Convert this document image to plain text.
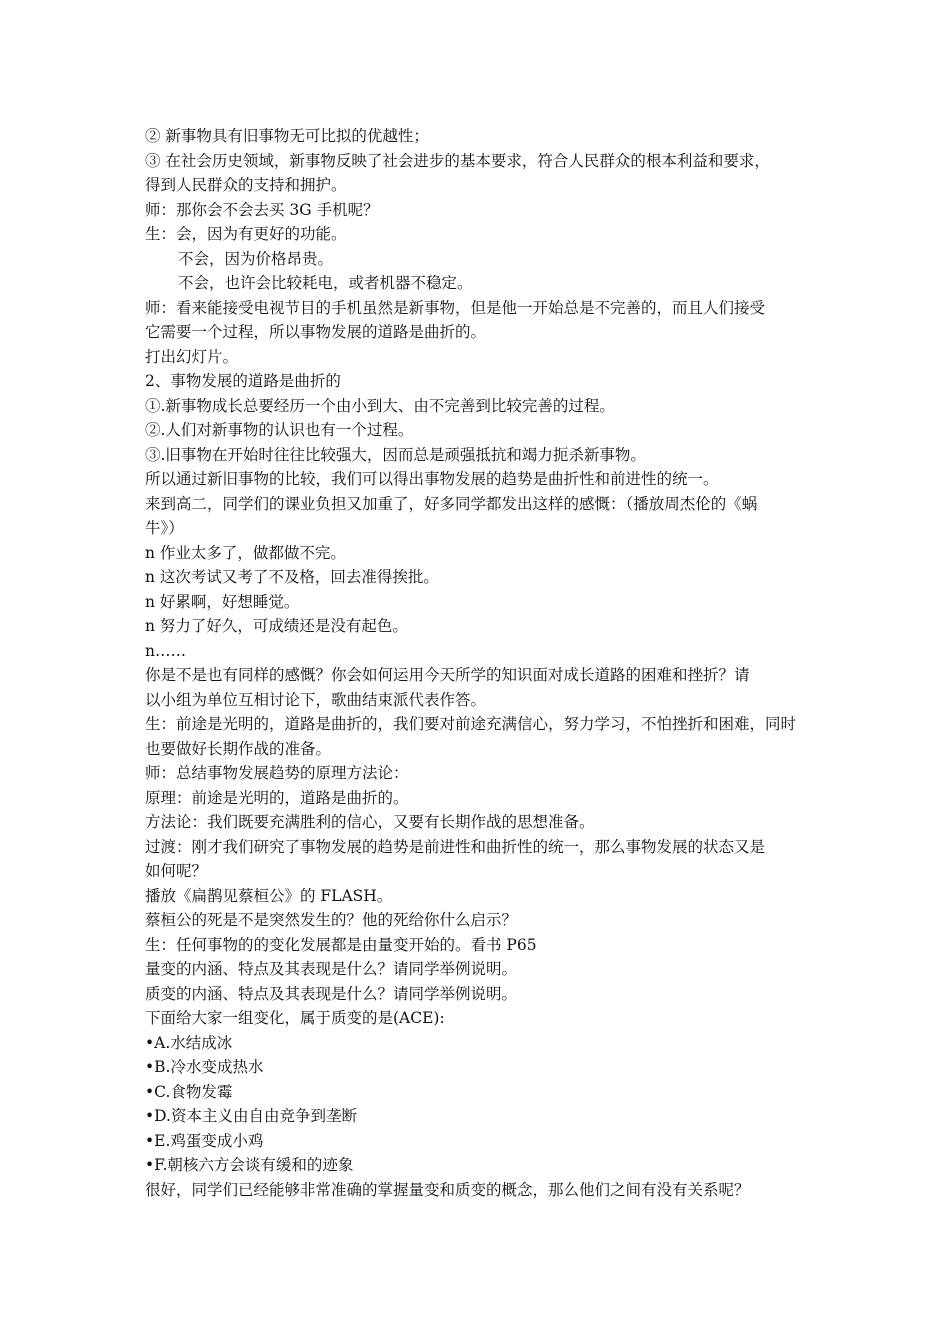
② 新事物具有旧事物无可比拟的优越性；
③ 在社会历史领域，新事物反映了社会进步的基本要求，符合人民群众的根本利益和要求，
得到人民群众的支持和拥护。
师：那你会不会去买 3G 手机呢？
生：会，因为有更好的功能。
不会，因为价格昂贵。
不会，也许会比较耗电，或者机器不稳定。
师：看来能接受电视节目的手机虽然是新事物，但是他一开始总是不完善的，而且人们接受
它需要一个过程，所以事物发展的道路是曲折的。
打出幻灯片。
2、事物发展的道路是曲折的
①.新事物成长总要经历一个由小到大、由不完善到比较完善的过程。
②.人们对新事物的认识也有一个过程。
③.旧事物在开始时往往比较强大，因而总是顽强抵抗和竭力扼杀新事物。
所以通过新旧事物的比较，我们可以得出事物发展的趋势是曲折性和前进性的统一。
来到高二，同学们的课业负担又加重了，好多同学都发出这样的感慨：（播放周杰伦的《蜗
牛》）
n 作业太多了，做都做不完。
n 这次考试又考了不及格，回去准得挨批。
n 好累啊，好想睡觉。
n 努力了好久，可成绩还是没有起色。
n……
你是不是也有同样的感慨？你会如何运用今天所学的知识面对成长道路的困难和挫折？请
以小组为单位互相讨论下，歌曲结束派代表作答。
生：前途是光明的，道路是曲折的，我们要对前途充满信心，努力学习，不怕挫折和困难，同时
也要做好长期作战的准备。
师：总结事物发展趋势的原理方法论：
原理：前途是光明的，道路是曲折的。
方法论：我们既要充满胜利的信心，又要有长期作战的思想准备。
过渡：刚才我们研究了事物发展的趋势是前进性和曲折性的统一，那么事物发展的状态又是
如何呢？
播放《扁鹊见蔡桓公》的 FLASH。
蔡桓公的死是不是突然发生的？他的死给你什么启示？
生：任何事物的的变化发展都是由量变开始的。看书 P65
量变的内涵、特点及其表现是什么？请同学举例说明。
质变的内涵、特点及其表现是什么？请同学举例说明。
下面给大家一组变化，属于质变的是(ACE):
•A.水结成冰
•B.冷水变成热水
•C.食物发霉
•D.资本主义由自由竞争到垄断
•E.鸡蛋变成小鸡
•F.朝核六方会谈有缓和的迹象
很好，同学们已经能够非常准确的掌握量变和质变的概念，那么他们之间有没有关系呢？
